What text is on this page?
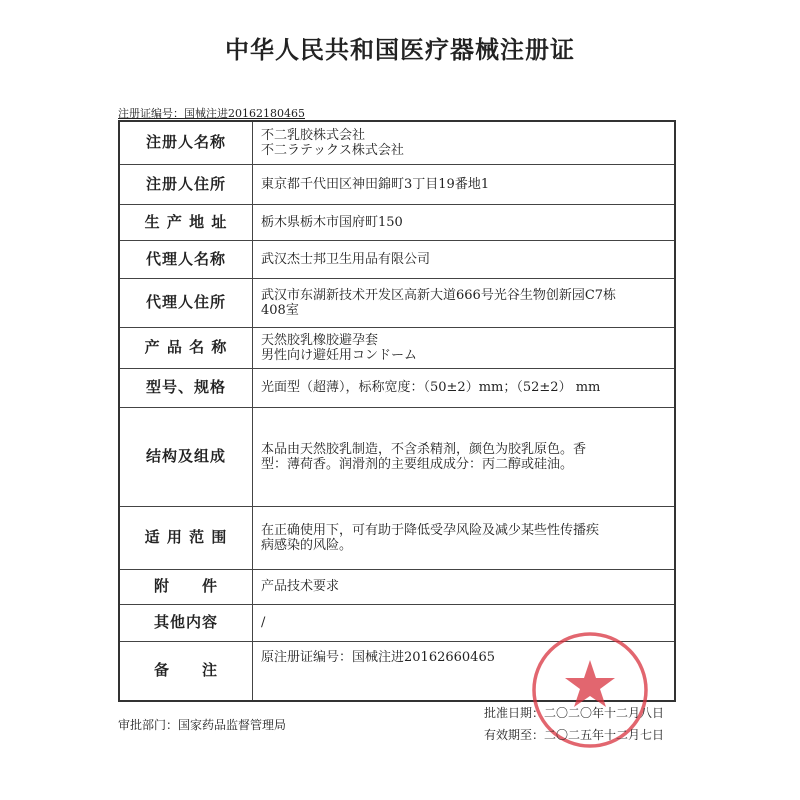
中华人民共和国医疗器械注册证
注册证编号：国械注进20162180465
注册人名称	不二乳胶株式会社
不二ラテックス株式会社

注册人住所	東京都千代田区神田錦町3丁目19番地1

生 产 地 址	栃木県栃木市国府町150

代理人名称	武汉杰士邦卫生用品有限公司

代理人住所	武汉市东湖新技术开发区高新大道666号光谷生物创新园C7栋
408室

产 品 名 称	天然胶乳橡胶避孕套
男性向け避妊用コンドーム

型号、规格	光面型（超薄），标称宽度：（50±2）mm；（52±2） mm

结构及组成	本品由天然胶乳制造，不含杀精剂，颜色为胶乳原色。香
型：薄荷香。润滑剂的主要组成成分：丙二醇或硅油。

适 用 范 围	在正确使用下，可有助于降低受孕风险及减少某些性传播疾
病感染的风险。

附　　件	产品技术要求

其他内容	/

备　　注	原注册证编号：国械注进20162660465
审批部门：国家药品监督管理局
批准日期：二〇二〇年十二月八日
有效期至：二〇二五年十二月七日
